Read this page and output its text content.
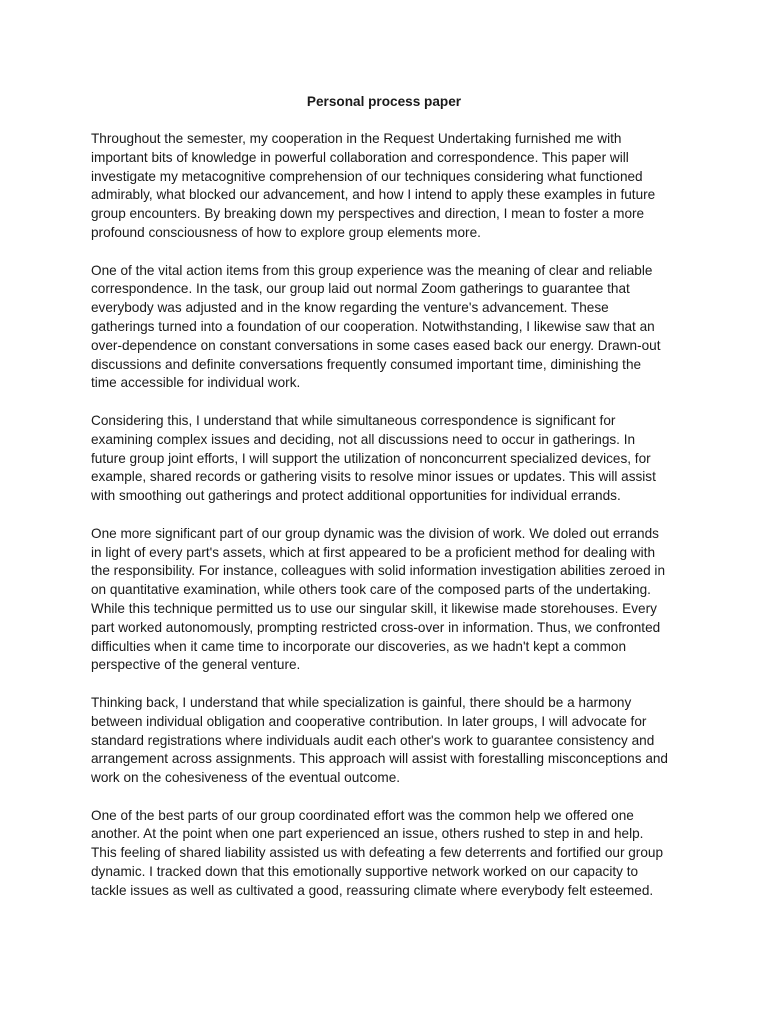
Personal process paper

Throughout the semester, my cooperation in the Request Undertaking furnished me with
important bits of knowledge in powerful collaboration and correspondence. This paper will
investigate my metacognitive comprehension of our techniques considering what functioned
admirably, what blocked our advancement, and how I intend to apply these examples in future
group encounters. By breaking down my perspectives and direction, I mean to foster a more
profound consciousness of how to explore group elements more.

One of the vital action items from this group experience was the meaning of clear and reliable
correspondence. In the task, our group laid out normal Zoom gatherings to guarantee that
everybody was adjusted and in the know regarding the venture's advancement. These
gatherings turned into a foundation of our cooperation. Notwithstanding, I likewise saw that an
over-dependence on constant conversations in some cases eased back our energy. Drawn-out
discussions and definite conversations frequently consumed important time, diminishing the
time accessible for individual work.

Considering this, I understand that while simultaneous correspondence is significant for
examining complex issues and deciding, not all discussions need to occur in gatherings. In
future group joint efforts, I will support the utilization of nonconcurrent specialized devices, for
example, shared records or gathering visits to resolve minor issues or updates. This will assist
with smoothing out gatherings and protect additional opportunities for individual errands.

One more significant part of our group dynamic was the division of work. We doled out errands
in light of every part's assets, which at first appeared to be a proficient method for dealing with
the responsibility. For instance, colleagues with solid information investigation abilities zeroed in
on quantitative examination, while others took care of the composed parts of the undertaking.
While this technique permitted us to use our singular skill, it likewise made storehouses. Every
part worked autonomously, prompting restricted cross-over in information. Thus, we confronted
difficulties when it came time to incorporate our discoveries, as we hadn't kept a common
perspective of the general venture.

Thinking back, I understand that while specialization is gainful, there should be a harmony
between individual obligation and cooperative contribution. In later groups, I will advocate for
standard registrations where individuals audit each other's work to guarantee consistency and
arrangement across assignments. This approach will assist with forestalling misconceptions and
work on the cohesiveness of the eventual outcome.

One of the best parts of our group coordinated effort was the common help we offered one
another. At the point when one part experienced an issue, others rushed to step in and help.
This feeling of shared liability assisted us with defeating a few deterrents and fortified our group
dynamic. I tracked down that this emotionally supportive network worked on our capacity to
tackle issues as well as cultivated a good, reassuring climate where everybody felt esteemed.
